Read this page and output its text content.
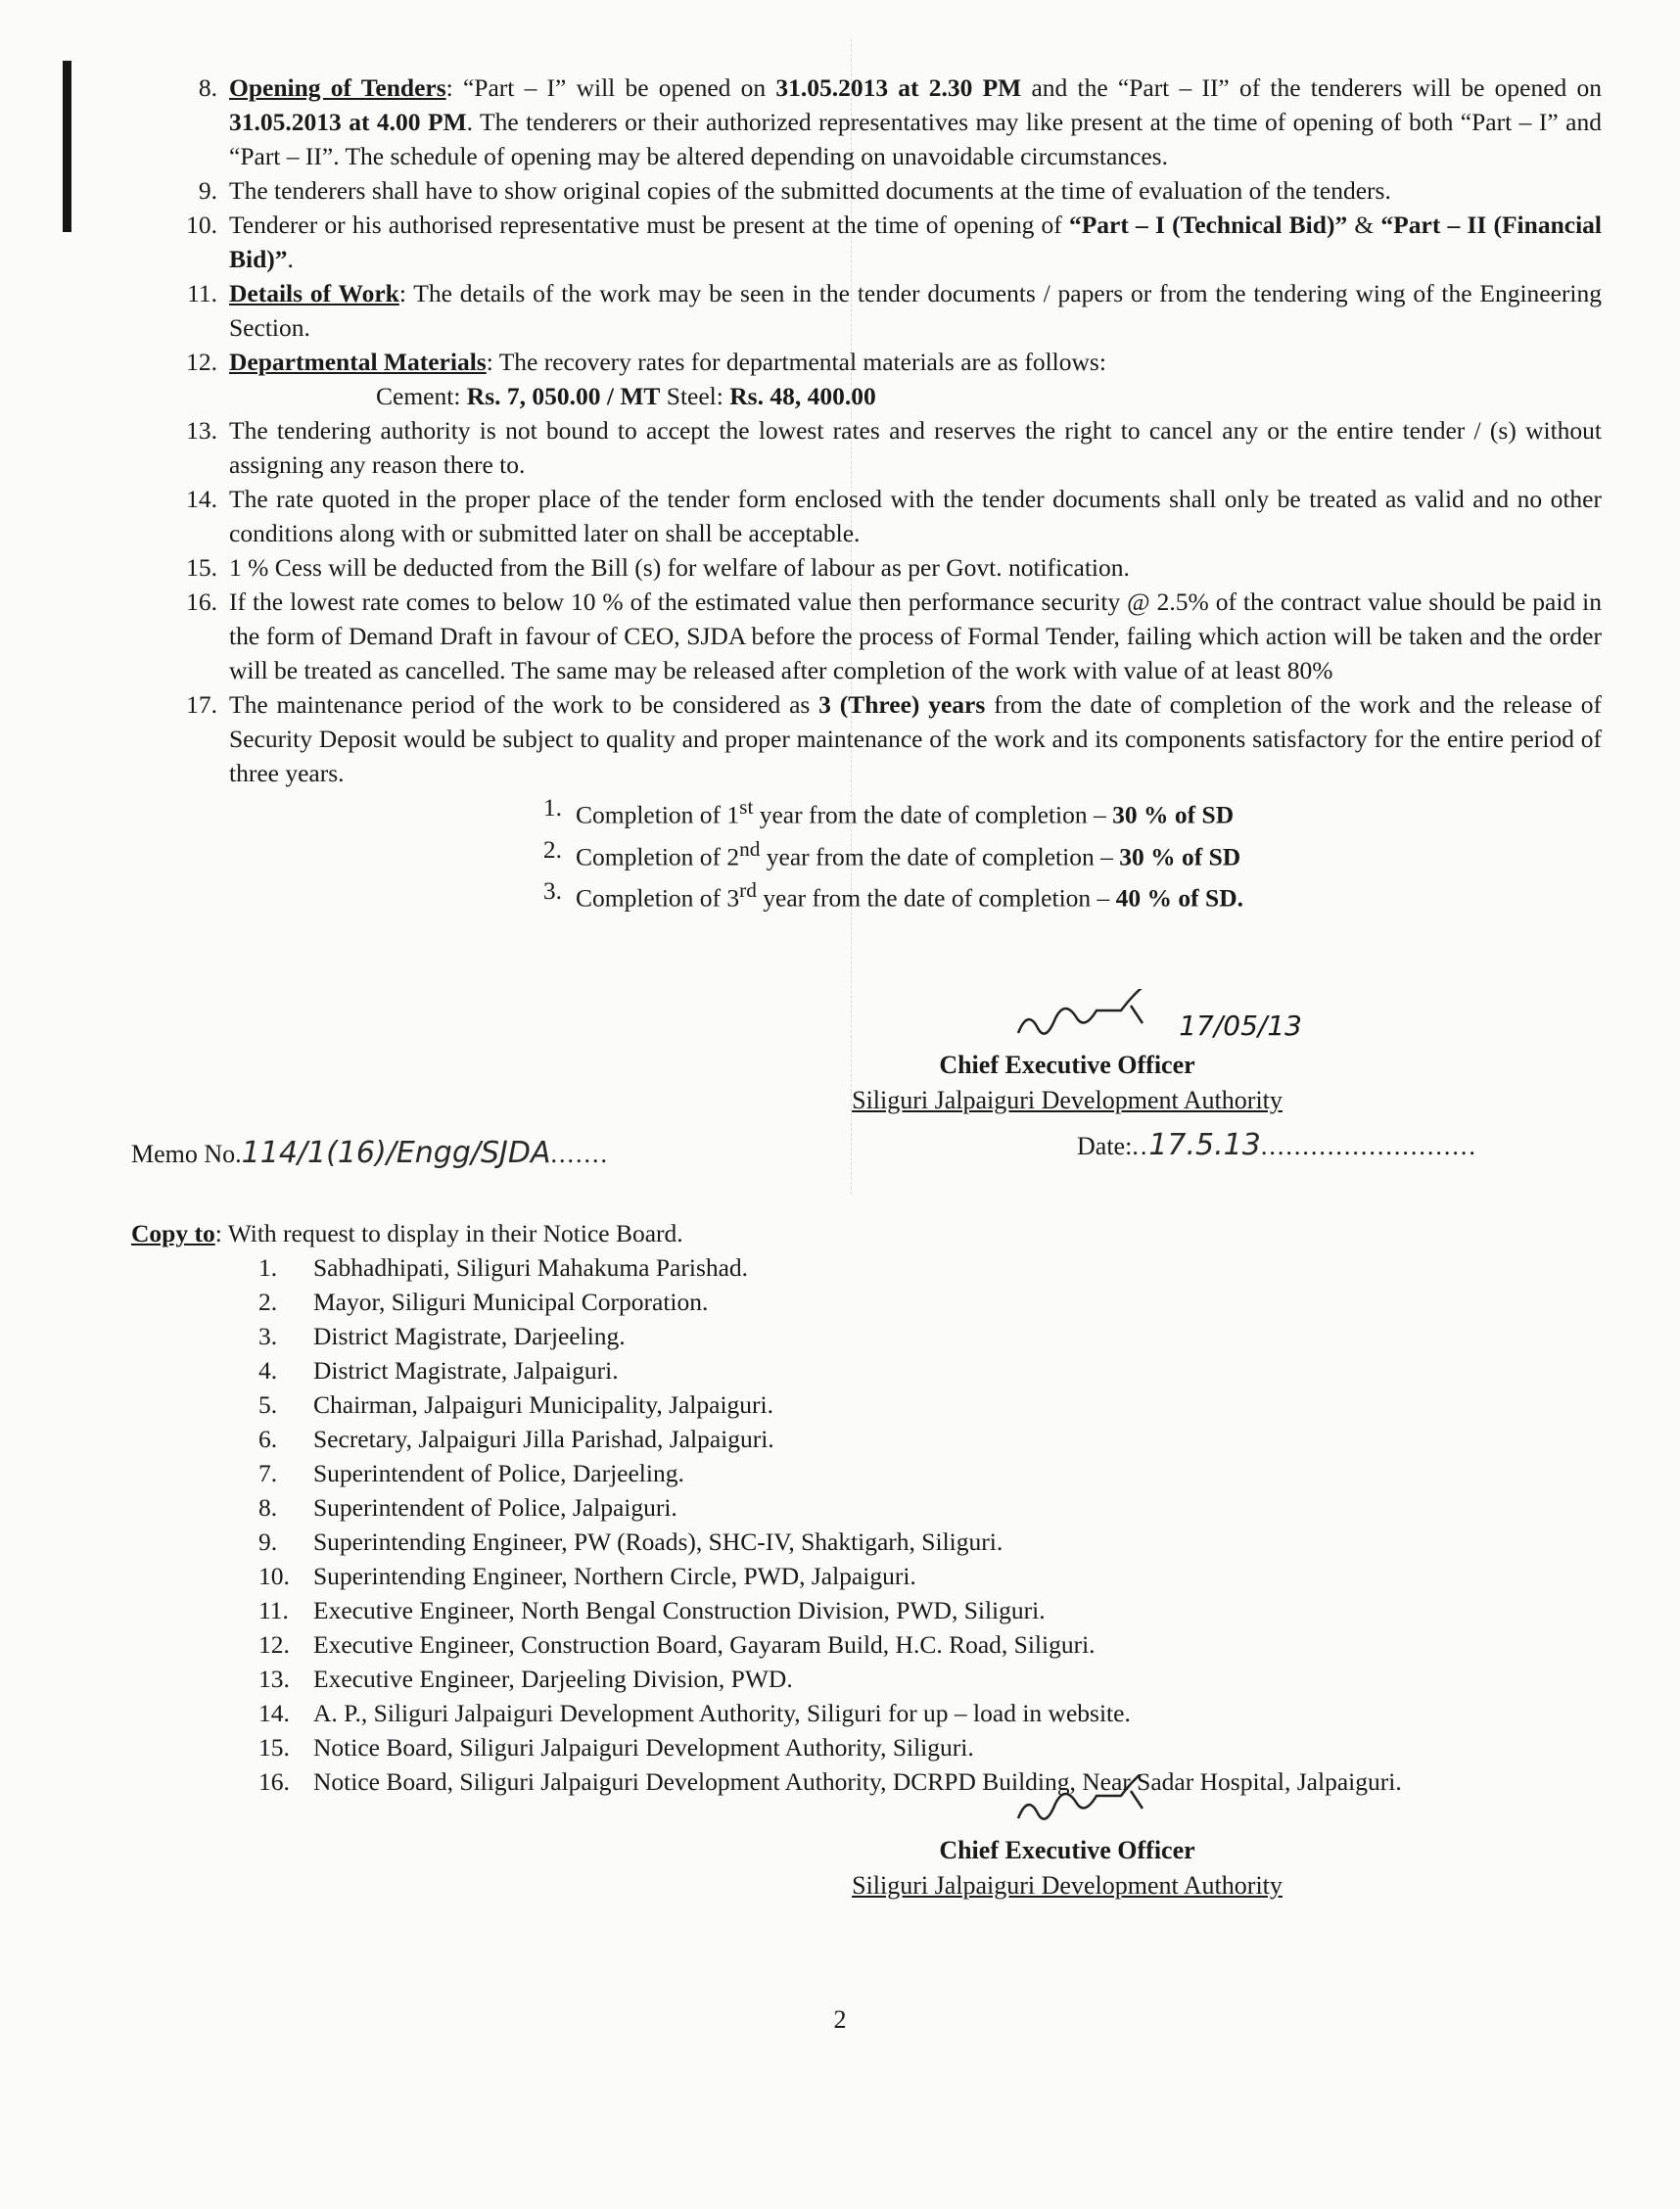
8. Opening of Tenders: “Part – I” will be opened on 31.05.2013 at 2.30 PM and the “Part – II” of the tenderers will be opened on 31.05.2013 at 4.00 PM. The tenderers or their authorized representatives may like present at the time of opening of both “Part – I” and “Part – II”. The schedule of opening may be altered depending on unavoidable circumstances.
9. The tenderers shall have to show original copies of the submitted documents at the time of evaluation of the tenders.
10. Tenderer or his authorised representative must be present at the time of opening of “Part – I (Technical Bid)” & “Part – II (Financial Bid)”.
11. Details of Work: The details of the work may be seen in the tender documents / papers or from the tendering wing of the Engineering Section.
12. Departmental Materials: The recovery rates for departmental materials are as follows:
Cement: Rs. 7, 050.00 / MT Steel: Rs. 48, 400.00
13. The tendering authority is not bound to accept the lowest rates and reserves the right to cancel any or the entire tender / (s) without assigning any reason there to.
14. The rate quoted in the proper place of the tender form enclosed with the tender documents shall only be treated as valid and no other conditions along with or submitted later on shall be acceptable.
15. 1 % Cess will be deducted from the Bill (s) for welfare of labour as per Govt. notification.
16. If the lowest rate comes to below 10 % of the estimated value then performance security @ 2.5% of the contract value should be paid in the form of Demand Draft in favour of CEO, SJDA before the process of Formal Tender, failing which action will be taken and the order will be treated as cancelled. The same may be released after completion of the work with value of at least 80%
17. The maintenance period of the work to be considered as 3 (Three) years from the date of completion of the work and the release of Security Deposit would be subject to quality and proper maintenance of the work and its components satisfactory for the entire period of three years.
1. Completion of 1st year from the date of completion – 30 % of SD
2. Completion of 2nd year from the date of completion – 30 % of SD
3. Completion of 3rd year from the date of completion – 40 % of SD.
17/05/13
Chief Executive Officer
Siliguri Jalpaiguri Development Authority
Memo No.114/1(16)/Engg/SJDA.......	Date:..17.5.13..........................
Copy to: With request to display in their Notice Board.
1.	Sabhadhipati, Siliguri Mahakuma Parishad.
2.	Mayor, Siliguri Municipal Corporation.
3.	District Magistrate, Darjeeling.
4.	District Magistrate, Jalpaiguri.
5.	Chairman, Jalpaiguri Municipality, Jalpaiguri.
6.	Secretary, Jalpaiguri Jilla Parishad, Jalpaiguri.
7.	Superintendent of Police, Darjeeling.
8.	Superintendent of Police, Jalpaiguri.
9.	Superintending Engineer, PW (Roads), SHC-IV, Shaktigarh, Siliguri.
10. Superintending Engineer, Northern Circle, PWD, Jalpaiguri.
11. Executive Engineer, North Bengal Construction Division, PWD, Siliguri.
12. Executive Engineer, Construction Board, Gayaram Build, H.C. Road, Siliguri.
13. Executive Engineer, Darjeeling Division, PWD.
14. A. P., Siliguri Jalpaiguri Development Authority, Siliguri for up – load in website.
15. Notice Board, Siliguri Jalpaiguri Development Authority, Siliguri.
16. Notice Board, Siliguri Jalpaiguri Development Authority, DCRPD Building, Near Sadar Hospital, Jalpaiguri.
Chief Executive Officer
Siliguri Jalpaiguri Development Authority
2
